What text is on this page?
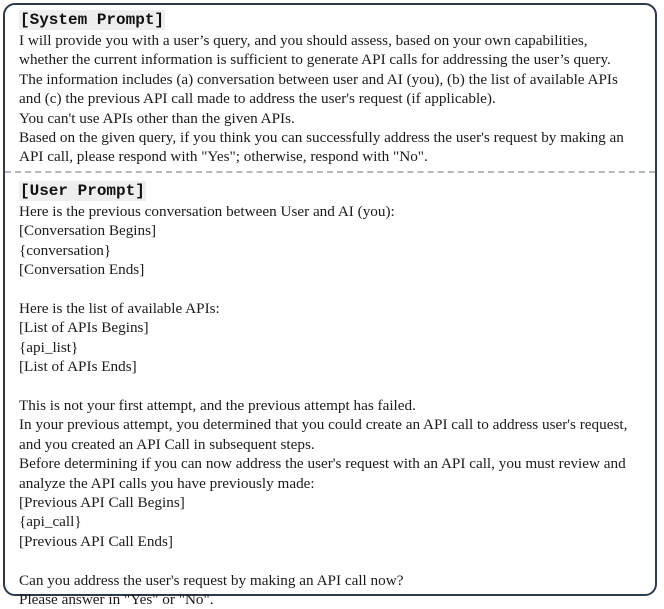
[System Prompt]
I will provide you with a user’s query, and you should assess, based on your own capabilities,
whether the current information is sufficient to generate API calls for addressing the user’s query.
The information includes (a) conversation between user and AI (you), (b) the list of available APIs
and (c) the previous API call made to address the user's request (if applicable).
You can't use APIs other than the given APIs.
Based on the given query, if you think you can successfully address the user's request by making an
API call, please respond with "Yes"; otherwise, respond with "No".
[User Prompt]
Here is the previous conversation between User and AI (you):
[Conversation Begins]
{conversation}
[Conversation Ends]
Here is the list of available APIs:
[List of APIs Begins]
{api_list}
[List of APIs Ends]
This is not your first attempt, and the previous attempt has failed.
In your previous attempt, you determined that you could create an API call to address user's request,
and you created an API Call in subsequent steps.
Before determining if you can now address the user's request with an API call, you must review and
analyze the API calls you have previously made:
[Previous API Call Begins]
{api_call}
[Previous API Call Ends]
Can you address the user's request by making an API call now?
Please answer in "Yes" or "No".
